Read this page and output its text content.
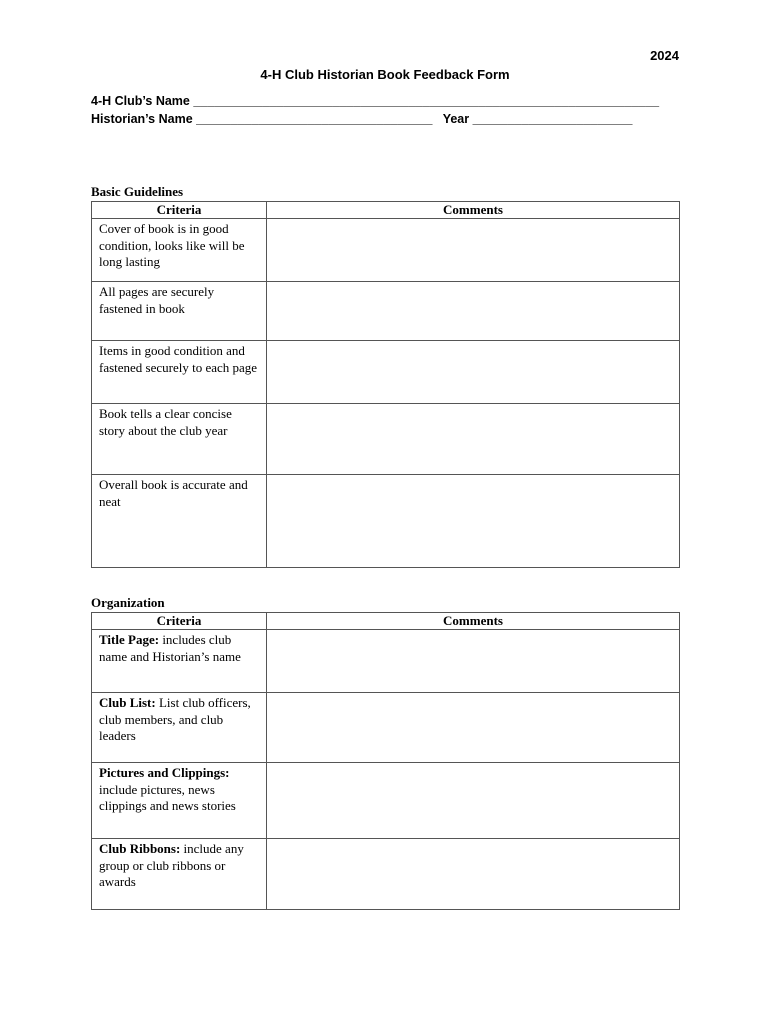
2024
4-H Club Historian Book Feedback Form
4-H Club’s Name ___________________________________________________________________
Historian’s Name __________________________________   Year _______________________
Basic Guidelines
Criteria	Comments
Cover of book is in good condition, looks like will be long lasting	
All pages are securely fastened in book	
Items in good condition and fastened securely to each page	
Book tells a clear concise story about the club year	
Overall book is accurate and neat	
Organization
Criteria	Comments
Title Page: includes club name and Historian’s name	
Club List: List club officers, club members, and club leaders	
Pictures and Clippings: include pictures, news clippings and news stories	
Club Ribbons: include any group or club ribbons or awards	
